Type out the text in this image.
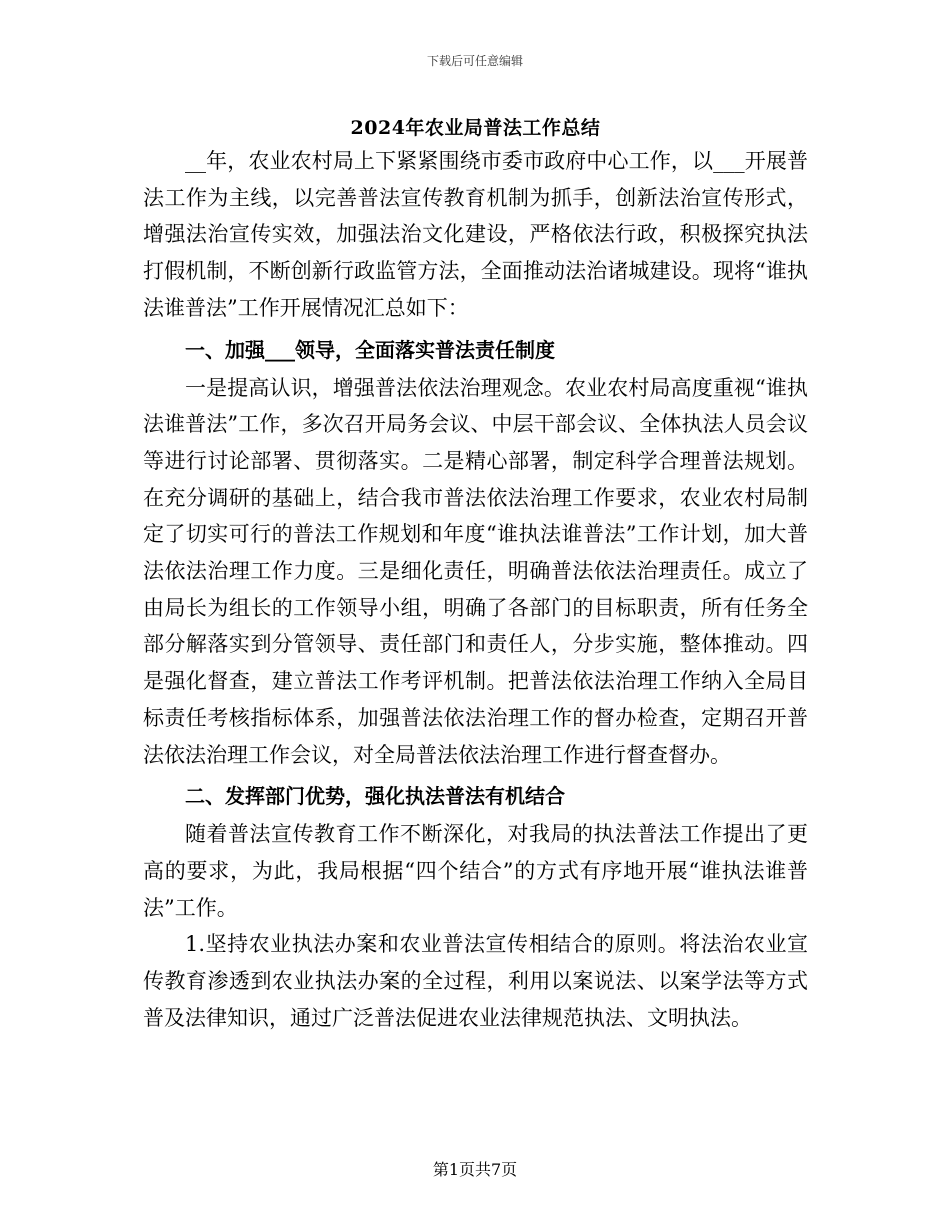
下载后可任意编辑
2024年农业局普法工作总结

__年，农业农村局上下紧紧围绕市委市政府中心工作，以___开展普法工作为主线，以完善普法宣传教育机制为抓手，创新法治宣传形式，增强法治宣传实效，加强法治文化建设，严格依法行政，积极探究执法打假机制，不断创新行政监管方法，全面推动法治诸城建设。现将“谁执法谁普法”工作开展情况汇总如下：

一、加强___领导，全面落实普法责任制度

一是提高认识，增强普法依法治理观念。农业农村局高度重视“谁执法谁普法”工作，多次召开局务会议、中层干部会议、全体执法人员会议等进行讨论部署、贯彻落实。二是精心部署，制定科学合理普法规划。在充分调研的基础上，结合我市普法依法治理工作要求，农业农村局制定了切实可行的普法工作规划和年度“谁执法谁普法”工作计划，加大普法依法治理工作力度。三是细化责任，明确普法依法治理责任。成立了由局长为组长的工作领导小组，明确了各部门的目标职责，所有任务全部分解落实到分管领导、责任部门和责任人，分步实施，整体推动。四是强化督查，建立普法工作考评机制。把普法依法治理工作纳入全局目标责任考核指标体系，加强普法依法治理工作的督办检查，定期召开普法依法治理工作会议，对全局普法依法治理工作进行督查督办。

二、发挥部门优势，强化执法普法有机结合

随着普法宣传教育工作不断深化，对我局的执法普法工作提出了更高的要求，为此，我局根据“四个结合”的方式有序地开展“谁执法谁普法”工作。

1.坚持农业执法办案和农业普法宣传相结合的原则。将法治农业宣传教育渗透到农业执法办案的全过程，利用以案说法、以案学法等方式普及法律知识，通过广泛普法促进农业法律规范执法、文明执法。

第1页共7页
